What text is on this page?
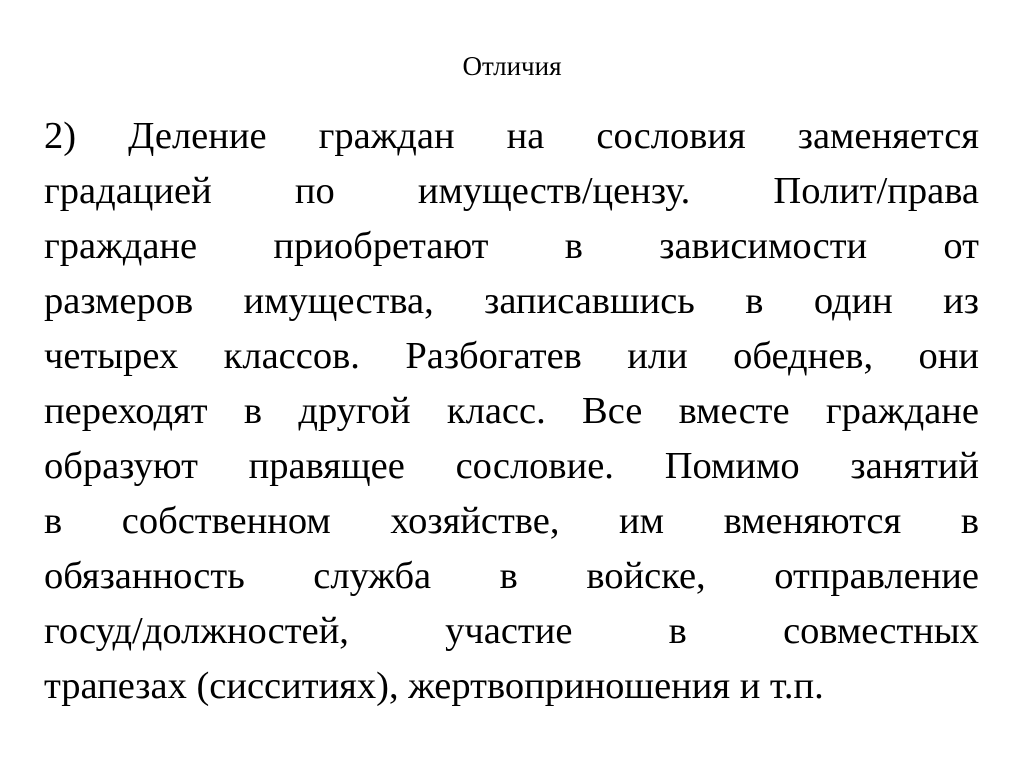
Отличия
2) Деление граждан на сословия заменяется
градацией по имуществ/цензу. Полит/права
граждане приобретают в зависимости от
размеров имущества, записавшись в один из
четырех классов. Разбогатев или обеднев, они
переходят в другой класс. Все вместе граждане
образуют правящее сословие. Помимо занятий
в собственном хозяйстве, им вменяются в
обязанность служба в войске, отправление
госуд/должностей, участие в совместных
трапезах (сисситиях), жертвоприношения и т.п.
